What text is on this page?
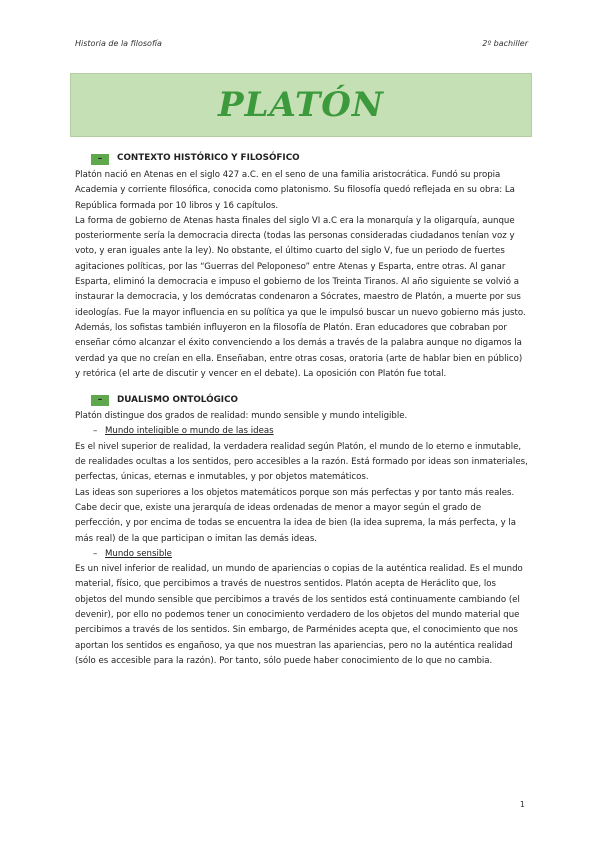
Historia de la filosofía	2º bachiller
PLATÓN
–	CONTEXTO HISTÓRICO Y FILOSÓFICO

Platón nació en Atenas en el siglo 427 a.C. en el seno de una familia aristocrática. Fundó su propia Academia y corriente filosófica, conocida como platonismo. Su filosofía quedó reflejada en su obra: La República formada por 10 libros y 16 capítulos.

La forma de gobierno de Atenas hasta finales del siglo VI a.C era la monarquía y la oligarquía, aunque posteriormente sería la democracia directa (todas las personas consideradas ciudadanos tenían voz y voto, y eran iguales ante la ley). No obstante, el último cuarto del siglo V, fue un periodo de fuertes agitaciones políticas, por las “Guerras del Peloponeso” entre Atenas y Esparta, entre otras. Al ganar Esparta, eliminó la democracia e impuso el gobierno de los Treinta Tiranos. Al año siguiente se volvió a instaurar la democracia, y los demócratas condenaron a Sócrates, maestro de Platón, a muerte por sus ideologías. Fue la mayor influencia en su política ya que le impulsó buscar un nuevo gobierno más justo.

Además, los sofistas también influyeron en la filosofía de Platón. Eran educadores que cobraban por enseñar cómo alcanzar el éxito convenciendo a los demás a través de la palabra aunque no digamos la verdad ya que no creían en ella. Enseñaban, entre otras cosas, oratoria (arte de hablar bien en público) y retórica (el arte de discutir y vencer en el debate). La oposición con Platón fue total.

–	DUALISMO ONTOLÓGICO

Platón distingue dos grados de realidad: mundo sensible y mundo inteligible.

– Mundo inteligible o mundo de las ideas

Es el nivel superior de realidad, la verdadera realidad según Platón, el mundo de lo eterno e inmutable, de realidades ocultas a los sentidos, pero accesibles a la razón. Está formado por ideas son inmateriales, perfectas, únicas, eternas e inmutables, y por objetos matemáticos.

Las ideas son superiores a los objetos matemáticos porque son más perfectas y por tanto más reales. Cabe decir que, existe una jerarquía de ideas ordenadas de menor a mayor según el grado de perfección, y por encima de todas se encuentra la idea de bien (la idea suprema, la más perfecta, y la más real) de la que participan o imitan las demás ideas.

– Mundo sensible

Es un nivel inferior de realidad, un mundo de apariencias o copias de la auténtica realidad. Es el mundo material, físico, que percibimos a través de nuestros sentidos. Platón acepta de Heráclito que, los objetos del mundo sensible que percibimos a través de los sentidos está continuamente cambiando (el devenir), por ello no podemos tener un conocimiento verdadero de los objetos del mundo material que percibimos a través de los sentidos. Sin embargo, de Parménides acepta que, el conocimiento que nos aportan los sentidos es engañoso, ya que nos muestran las apariencias, pero no la auténtica realidad (sólo es accesible para la razón). Por tanto, sólo puede haber conocimiento de lo que no cambia.

1
